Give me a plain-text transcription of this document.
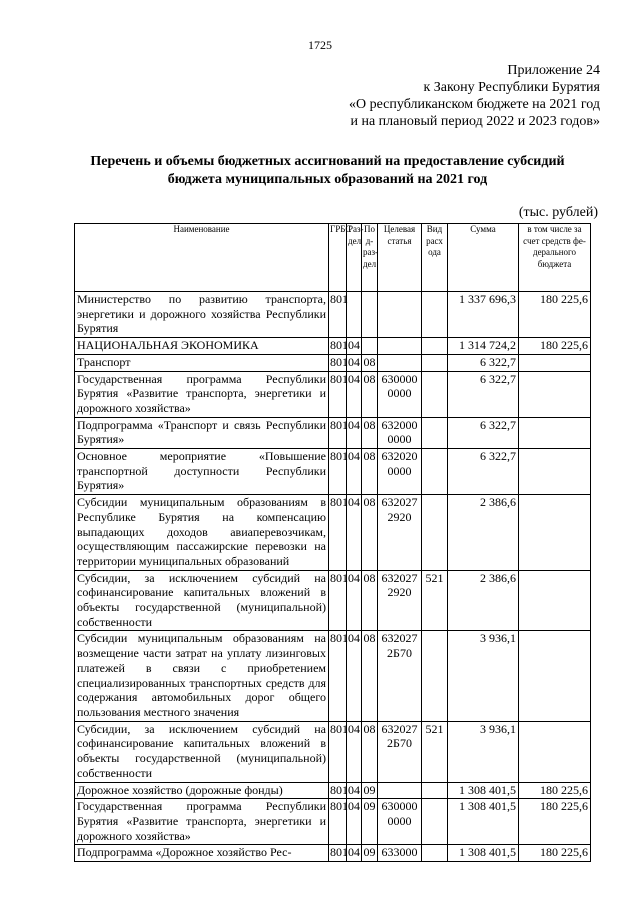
1725
Приложение 24
к Закону Республики Бурятия
«О республиканском бюджете на 2021 год
и на плановый период 2022 и 2023 годов»
Перечень и объемы бюджетных ассигнований на предоставление субсидий
бюджета муниципальных образований на 2021 год
(тыс. рублей)
Наименование	ГРБС	Раз-дел	По д-раз-дел	Целевая статья	Вид расх ода	Сумма	в том числе за счет средств фе-дерального бюджета
Министерство по развитию транспорта, энергетики и дорожного хозяйства Республики Бурятия	801					1 337 696,3	180 225,6
НАЦИОНАЛЬНАЯ ЭКОНОМИКА	801	04				1 314 724,2	180 225,6
Транспорт	801	04	08			6 322,7	
Государственная программа Республики Бурятия «Развитие транспорта, энергетики и дорожного хозяйства»	801	04	08	630000 0000		6 322,7	
Подпрограмма «Транспорт и связь Республики Бурятия»	801	04	08	632000 0000		6 322,7	
Основное мероприятие «Повышение транспортной доступности Республики Бурятия»	801	04	08	632020 0000		6 322,7	
Субсидии муниципальным образованиям в Республике Бурятия на компенсацию выпадающих доходов авиаперевозчикам, осуществляющим пассажирские перевозки на территории муниципальных образований	801	04	08	632027 2920		2 386,6	
Субсидии, за исключением субсидий на софинансирование капитальных вложений в объекты государственной (муниципальной) собственности	801	04	08	632027 2920	521	2 386,6	
Субсидии муниципальным образованиям на возмещение части затрат на уплату лизинговых платежей в связи с приобретением специализированных транспортных средств для содержания автомобильных дорог общего пользования местного значения	801	04	08	632027 2Б70		3 936,1	
Субсидии, за исключением субсидий на софинансирование капитальных вложений в объекты государственной (муниципальной) собственности	801	04	08	632027 2Б70	521	3 936,1	
Дорожное хозяйство (дорожные фонды)	801	04	09			1 308 401,5	180 225,6
Государственная программа Республики Бурятия «Развитие транспорта, энергетики и дорожного хозяйства»	801	04	09	630000 0000		1 308 401,5	180 225,6
Подпрограмма «Дорожное хозяйство Рес-	801	04	09	633000		1 308 401,5	180 225,6
